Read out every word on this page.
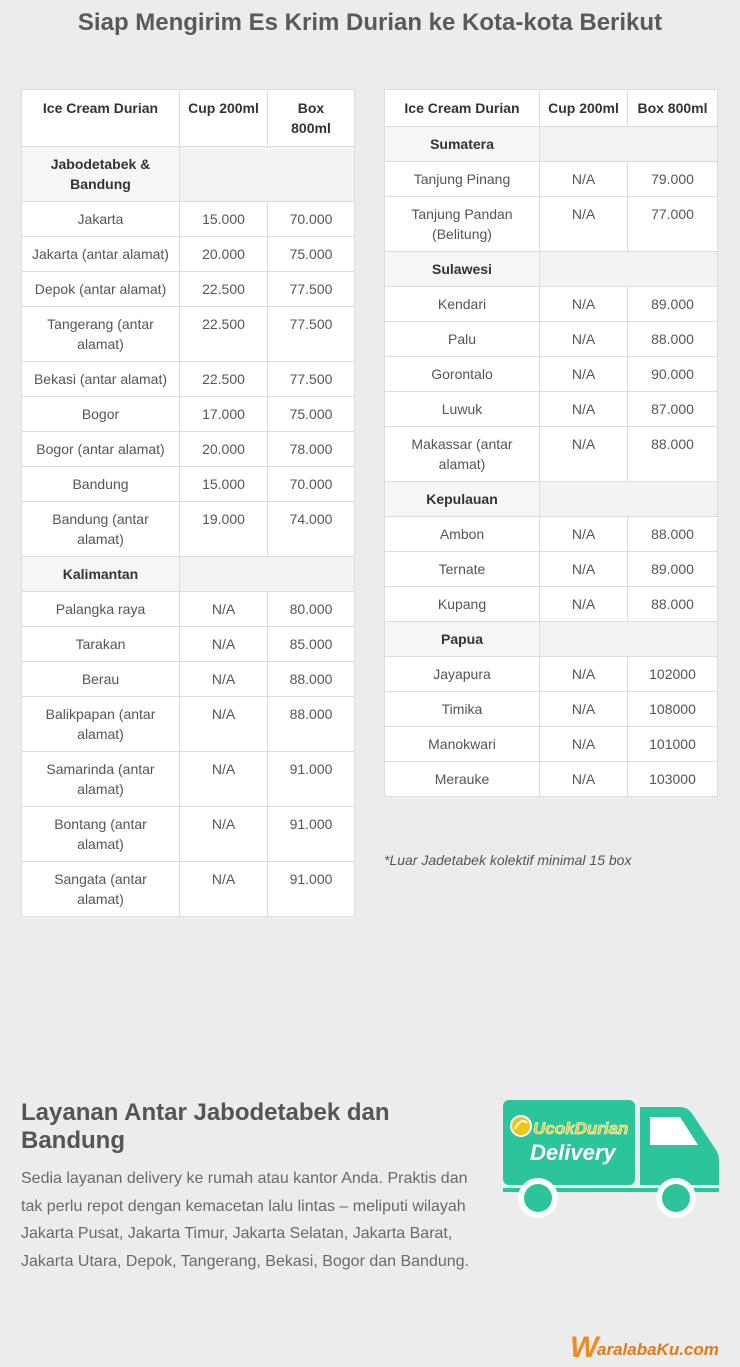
Siap Mengirim Es Krim Durian ke Kota-kota Berikut
Ice Cream Durian	Cup 200ml	Box 800ml
Jabodetabek & Bandung		
Jakarta	15.000	70.000
Jakarta (antar alamat)	20.000	75.000
Depok (antar alamat)	22.500	77.500
Tangerang (antar alamat)	22.500	77.500
Bekasi (antar alamat)	22.500	77.500
Bogor	17.000	75.000
Bogor (antar alamat)	20.000	78.000
Bandung	15.000	70.000
Bandung (antar alamat)	19.000	74.000
Kalimantan		
Palangka raya	N/A	80.000
Tarakan	N/A	85.000
Berau	N/A	88.000
Balikpapan (antar alamat)	N/A	88.000
Samarinda (antar alamat)	N/A	91.000
Bontang (antar alamat)	N/A	91.000
Sangata (antar alamat)	N/A	91.000
Ice Cream Durian	Cup 200ml	Box 800ml
Sumatera		
Tanjung Pinang	N/A	79.000
Tanjung Pandan (Belitung)	N/A	77.000
Sulawesi		
Kendari	N/A	89.000
Palu	N/A	88.000
Gorontalo	N/A	90.000
Luwuk	N/A	87.000
Makassar (antar alamat)	N/A	88.000
Kepulauan		
Ambon	N/A	88.000
Ternate	N/A	89.000
Kupang	N/A	88.000
Papua		
Jayapura	N/A	102000
Timika	N/A	108000
Manokwari	N/A	101000
Merauke	N/A	103000
*Luar Jadetabek kolektif minimal 15 box
Layanan Antar Jabodetabek dan Bandung
Sedia layanan delivery ke rumah atau kantor Anda. Praktis dan tak perlu repot dengan kemacetan lalu lintas – meliputi wilayah Jakarta Pusat, Jakarta Timur, Jakarta Selatan, Jakarta Barat, Jakarta Utara, Depok, Tangerang, Bekasi, Bogor dan Bandung.
UcokDurian
Delivery
W
aralabaKu.com
